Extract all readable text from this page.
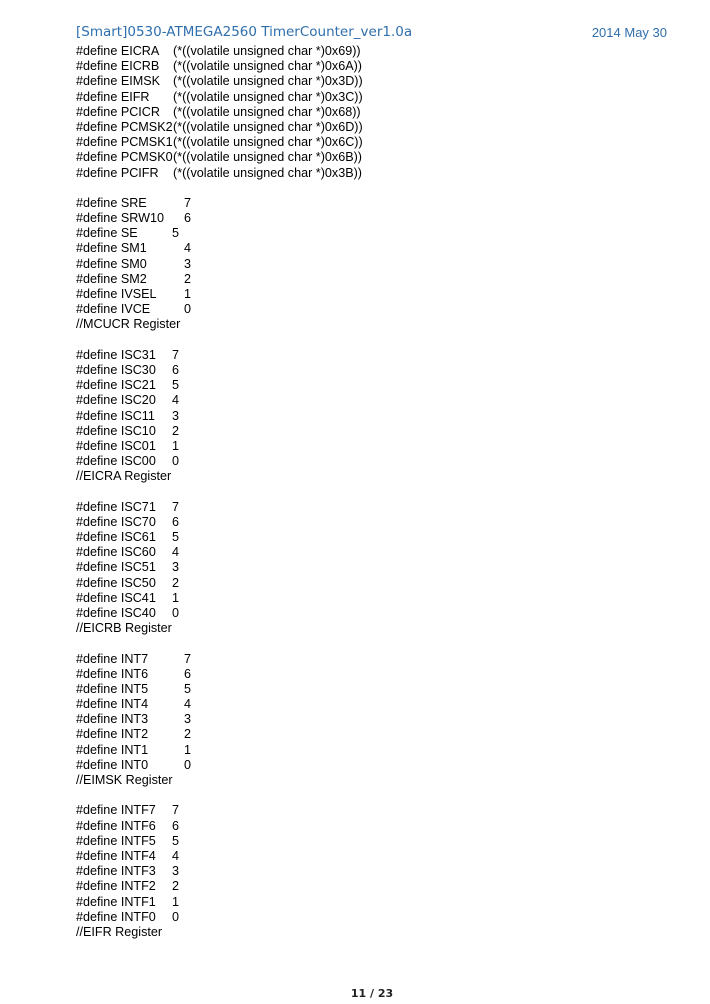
[Smart]0530-ATMEGA2560 TimerCounter_ver1.0a	2014 May 30
#define EICRA (*((volatile unsigned char *)0x69))
#define EICRB (*((volatile unsigned char *)0x6A))
#define EIMSK (*((volatile unsigned char *)0x3D))
#define EIFR (*((volatile unsigned char *)0x3C))
#define PCICR (*((volatile unsigned char *)0x68))
#define PCMSK2 (*((volatile unsigned char *)0x6D))
#define PCMSK1 (*((volatile unsigned char *)0x6C))
#define PCMSK0 (*((volatile unsigned char *)0x6B))
#define PCIFR (*((volatile unsigned char *)0x3B))
#define SRE	7
#define SRW10 6
#define SE	5
#define SM1	4
#define SM0	3
#define SM2	2
#define IVSEL 1
#define IVCE	0
//MCUCR Register
#define ISC31 7
#define ISC30 6
#define ISC21 5
#define ISC20 4
#define ISC11 3
#define ISC10 2
#define ISC01 1
#define ISC00 0
//EICRA Register
#define ISC71 7
#define ISC70 6
#define ISC61 5
#define ISC60 4
#define ISC51 3
#define ISC50 2
#define ISC41 1
#define ISC40 0
//EICRB Register
#define INT7	7
#define INT6	6
#define INT5	5
#define INT4	4
#define INT3	3
#define INT2	2
#define INT1	1
#define INT0	0
//EIMSK Register
#define INTF7 7
#define INTF6 6
#define INTF5 5
#define INTF4 4
#define INTF3 3
#define INTF2 2
#define INTF1 1
#define INTF0 0
//EIFR Register
11 / 23
